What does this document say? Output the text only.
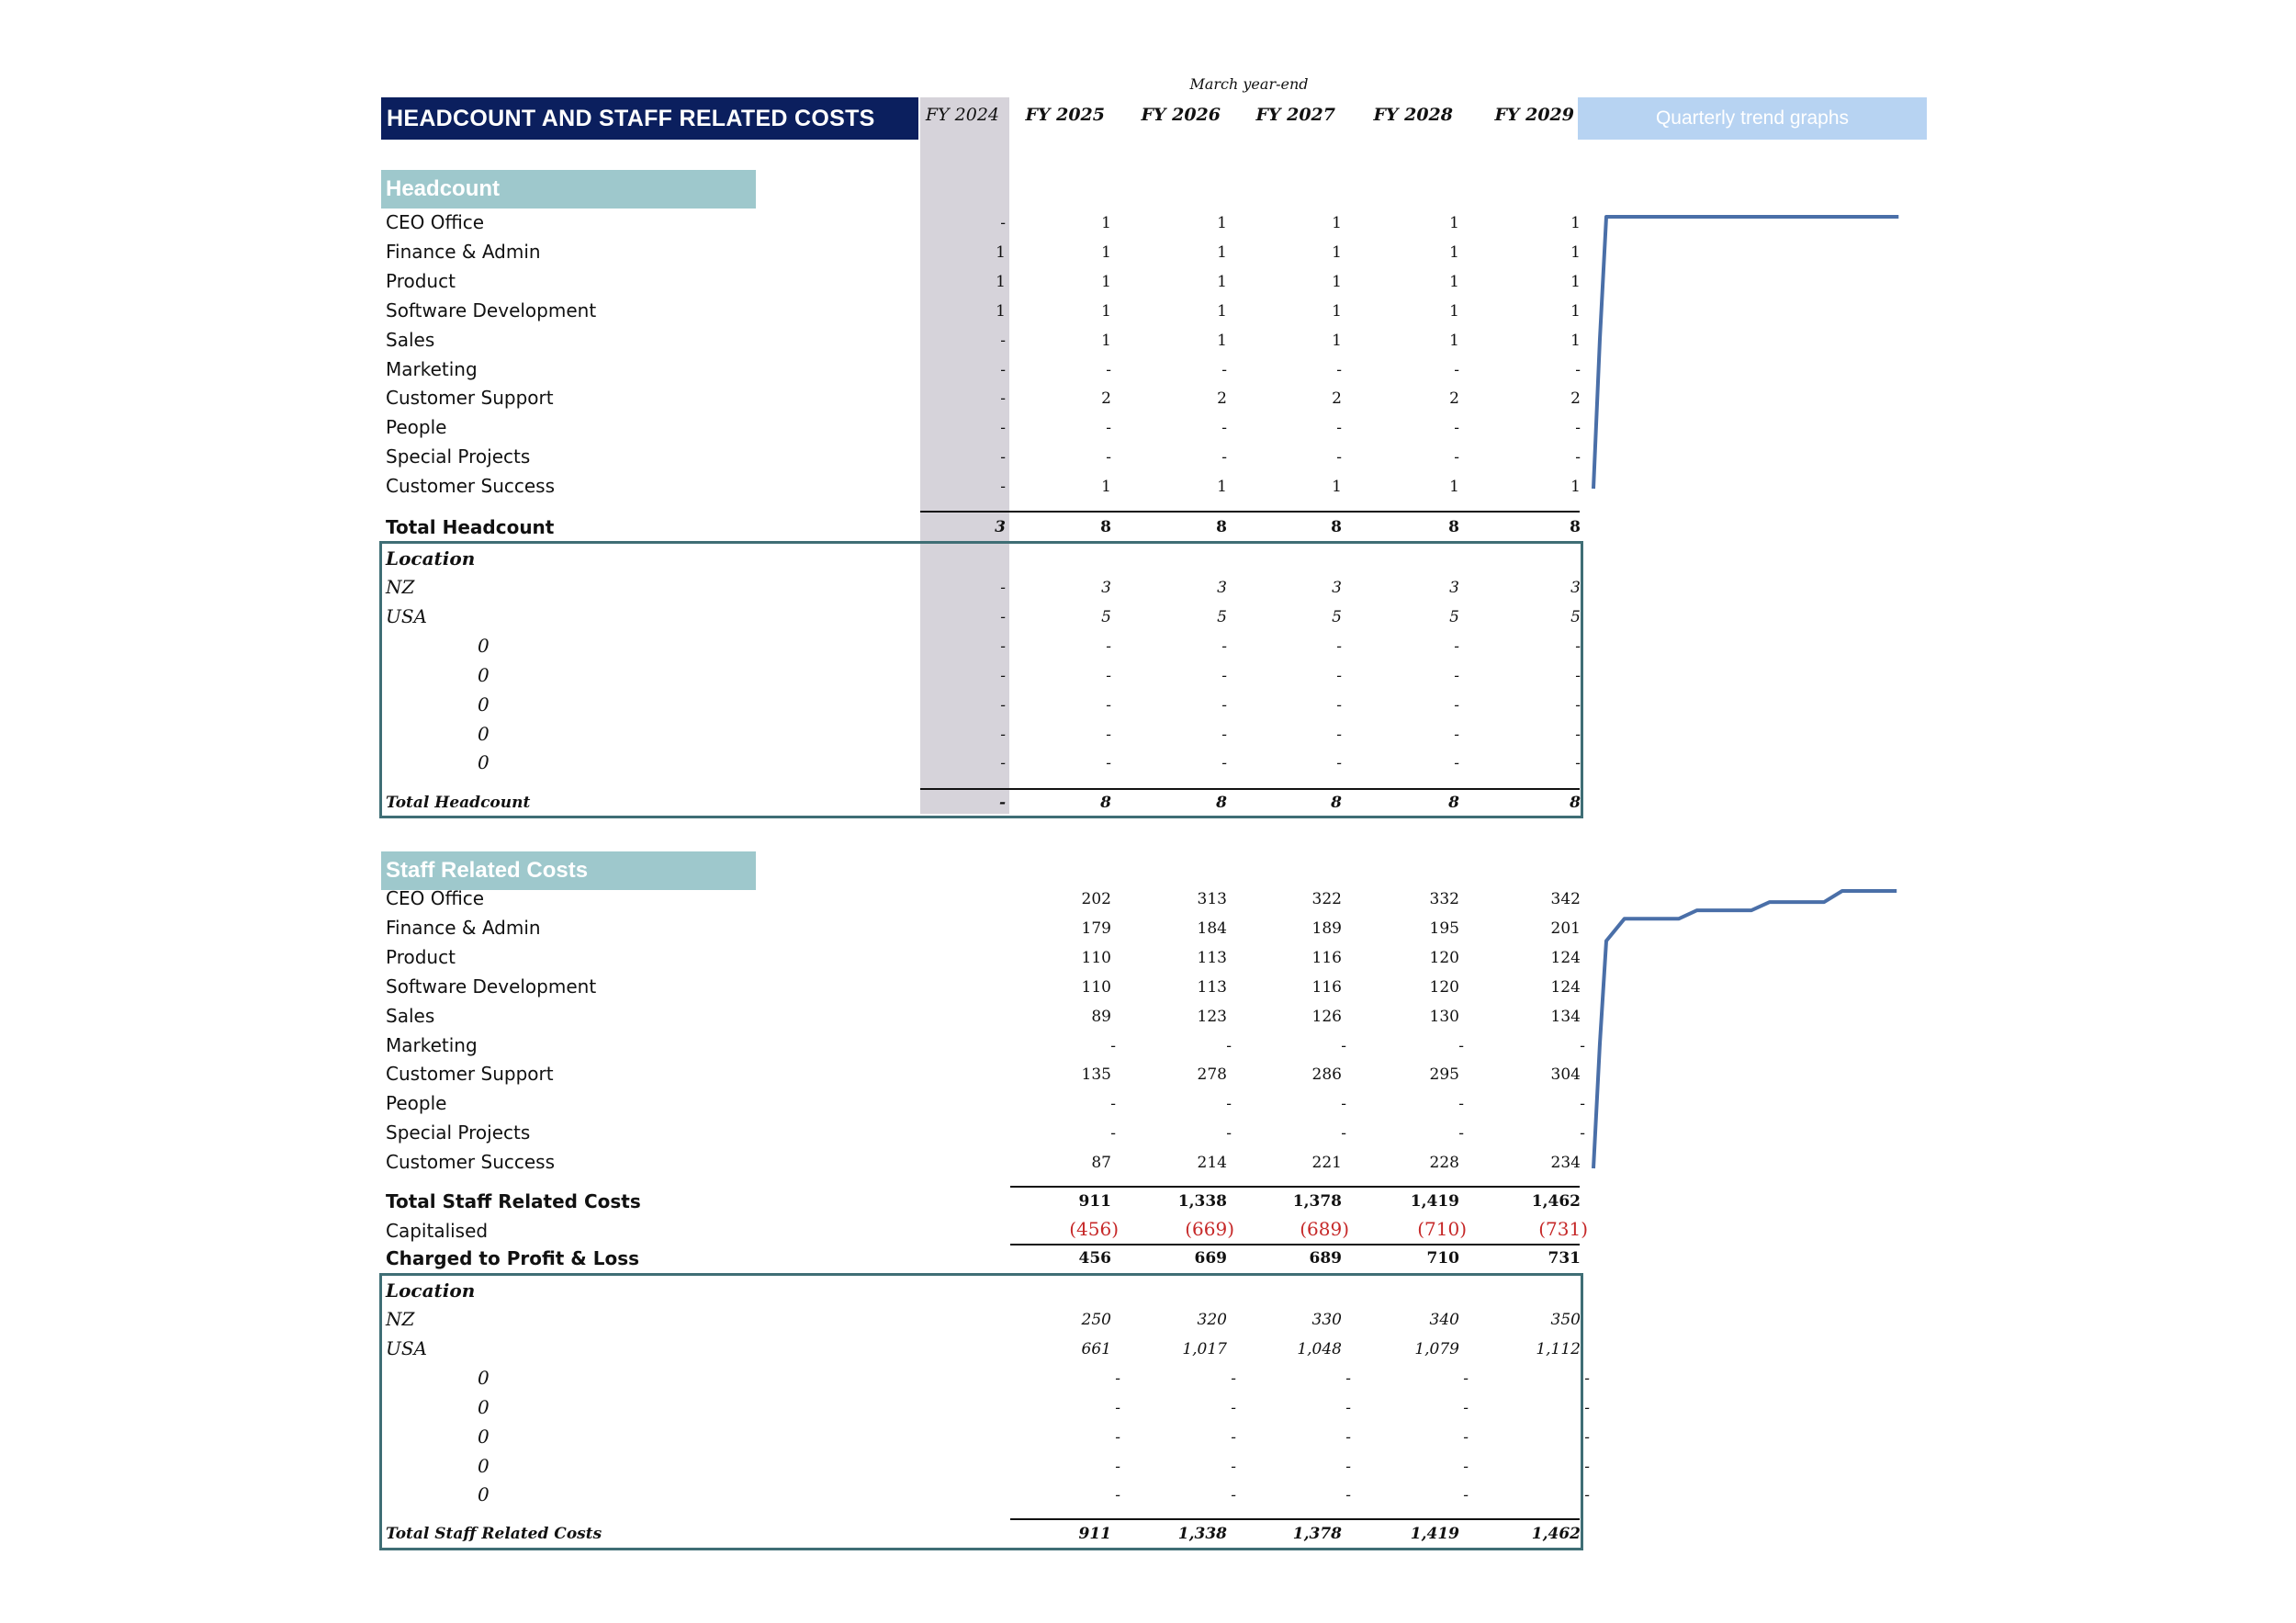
HEADCOUNT AND STAFF RELATED COSTS
March year-end
Quarterly trend graphs
FY 2024 FY 2025 FY 2026 FY 2027 FY 2028 FY 2029
Headcount
CEO Office	-	1	1	1	1	1
Finance & Admin	1	1	1	1	1	1
Product	1	1	1	1	1	1
Software Development	1	1	1	1	1	1
Sales	-	1	1	1	1	1
Marketing	-	-	-	-	-	-
Customer Support	-	2	2	2	2	2
People	-	-	-	-	-	-
Special Projects	-	-	-	-	-	-
Customer Success	-	1	1	1	1	1
Total Headcount	3	8	8	8	8	8
Location
NZ	-	3	3	3	3	3
USA	-	5	5	5	5	5
0	-	-	-	-	-	-
0	-	-	-	-	-	-
0	-	-	-	-	-	-
0	-	-	-	-	-	-
0	-	-	-	-	-	-
Total Headcount	-	8	8	8	8	8
Staff Related Costs
CEO Office	202	313	322	332	342
Finance & Admin	179	184	189	195	201
Product	110	113	116	120	124
Software Development	110	113	116	120	124
Sales	89	123	126	130	134
Marketing	-	-	-	-	-
Customer Support	135	278	286	295	304
People	-	-	-	-	-
Special Projects	-	-	-	-	-
Customer Success	87	214	221	228	234
Total Staff Related Costs	911	1,338	1,378	1,419	1,462
Capitalised	(456)	(669)	(689)	(710)	(731)
Charged to Profit & Loss	456	669	689	710	731
Location
NZ	250	320	330	340	350
USA	661	1,017	1,048	1,079	1,112
0	-	-	-	-	-
0	-	-	-	-	-
0	-	-	-	-	-
0	-	-	-	-	-
0	-	-	-	-	-
Total Staff Related Costs	911	1,338	1,378	1,419	1,462
